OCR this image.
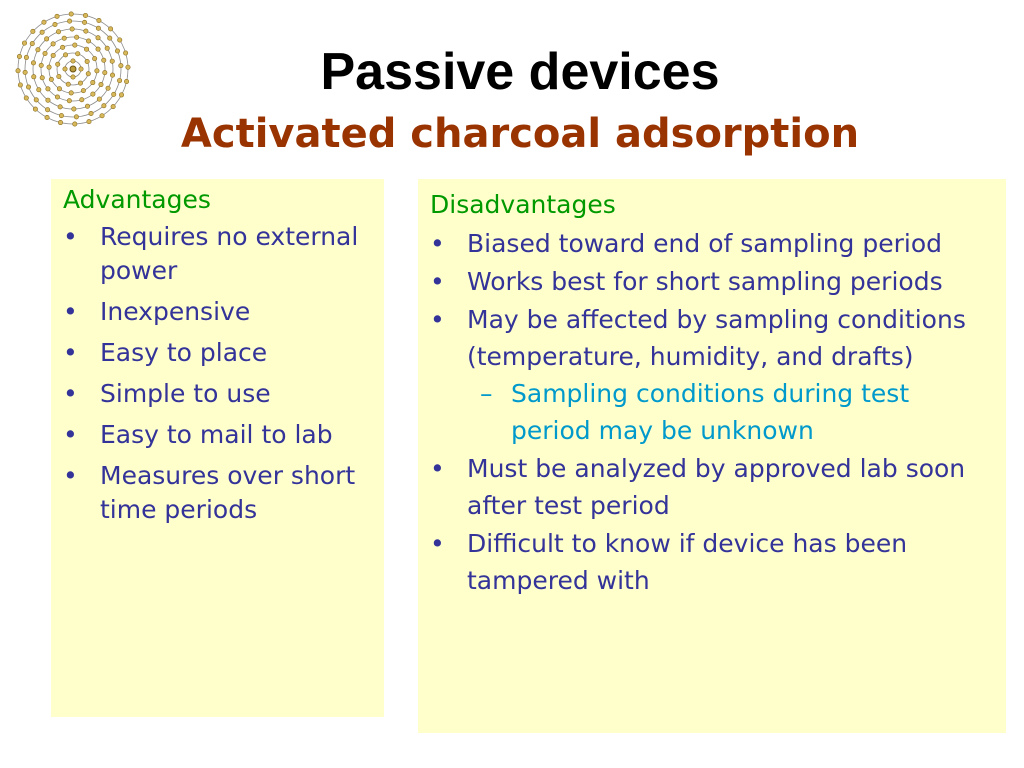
Passive devices
Activated charcoal adsorption
Advantages
• Requires no external power
• Inexpensive
• Easy to place
• Simple to use
• Easy to mail to lab
• Measures over short time periods
Disadvantages
• Biased toward end of sampling period
• Works best for short sampling periods
• May be affected by sampling conditions (temperature, humidity, and drafts)
– Sampling conditions during test period may be unknown
• Must be analyzed by approved lab soon after test period
• Difficult to know if device has been tampered with
